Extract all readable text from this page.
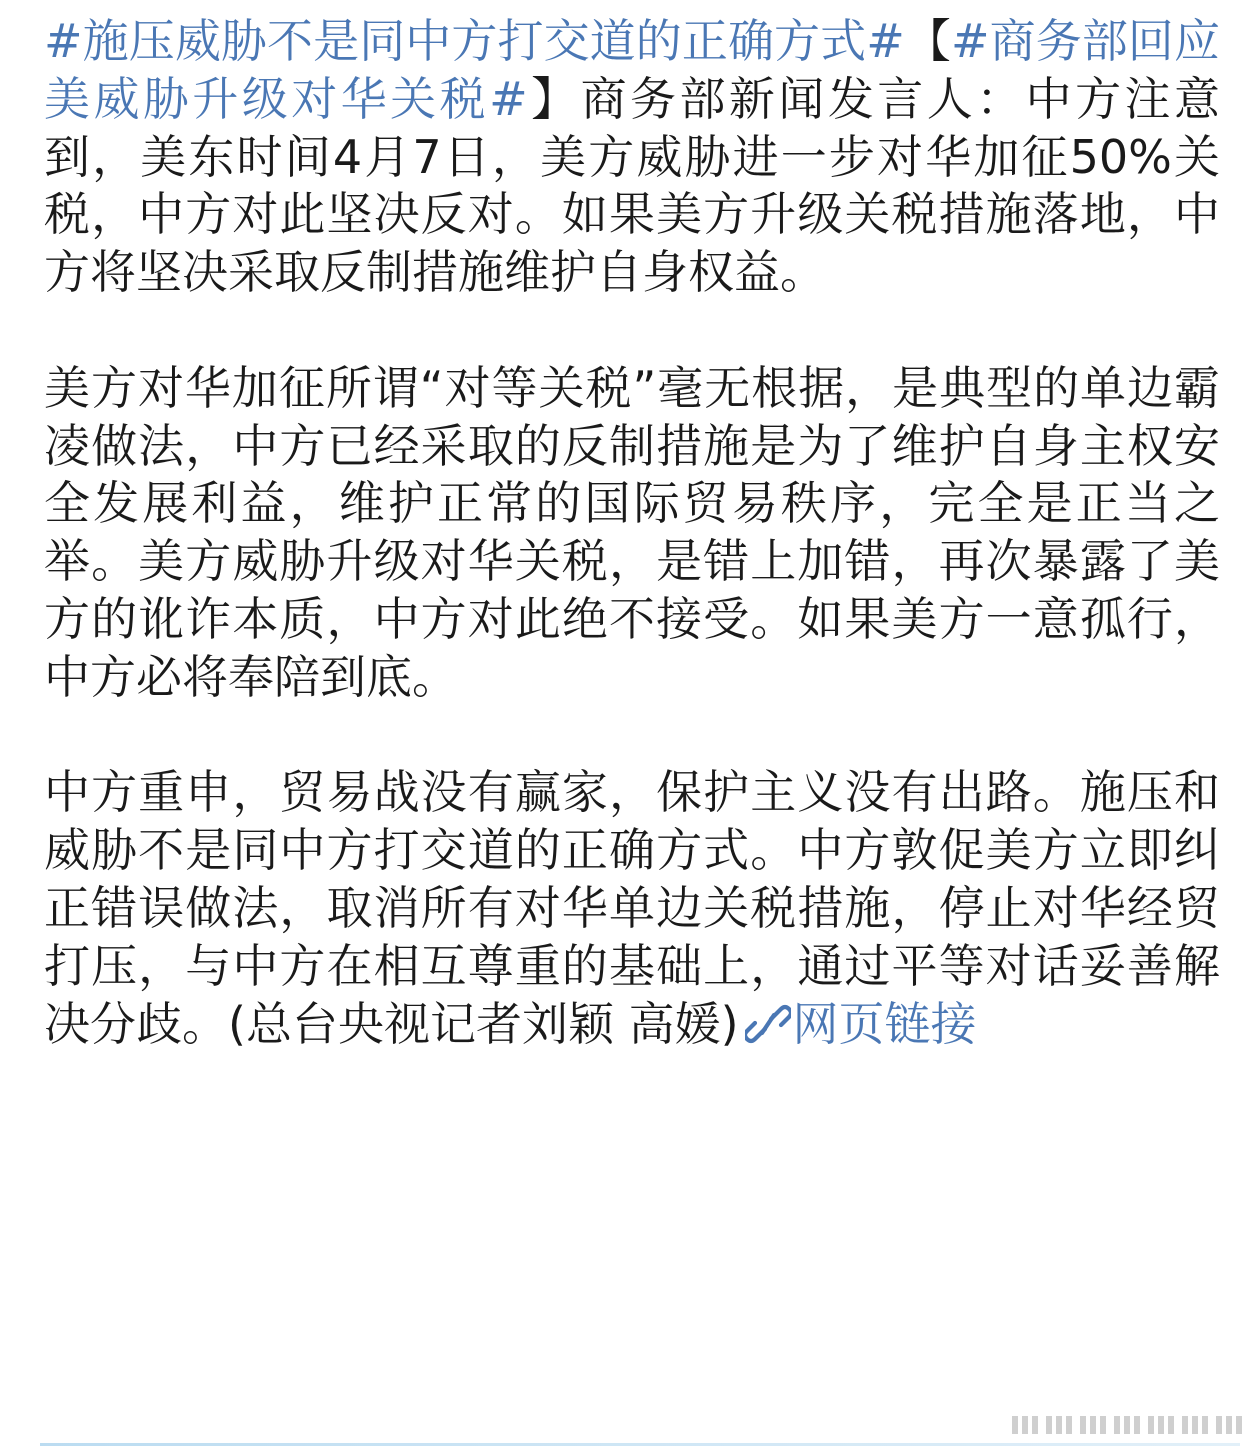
#施压威胁不是同中方打交道的正确方式#【#商务部回应美威胁升级对华关税#】商务部新闻发言人：中方注意到，美东时间4月7日，美方威胁进一步对华加征50%关税，中方对此坚决反对。如果美方升级关税措施落地，中方将坚决采取反制措施维护自身权益。

美方对华加征所谓“对等关税”毫无根据，是典型的单边霸凌做法，中方已经采取的反制措施是为了维护自身主权安全发展利益，维护正常的国际贸易秩序，完全是正当之举。美方威胁升级对华关税，是错上加错，再次暴露了美方的讹诈本质，中方对此绝不接受。如果美方一意孤行，中方必将奉陪到底。

中方重申，贸易战没有赢家，保护主义没有出路。施压和威胁不是同中方打交道的正确方式。中方敦促美方立即纠正错误做法，取消所有对华单边关税措施，停止对华经贸打压，与中方在相互尊重的基础上，通过平等对话妥善解决分歧。(总台央视记者刘颖 高媛) 网页链接
